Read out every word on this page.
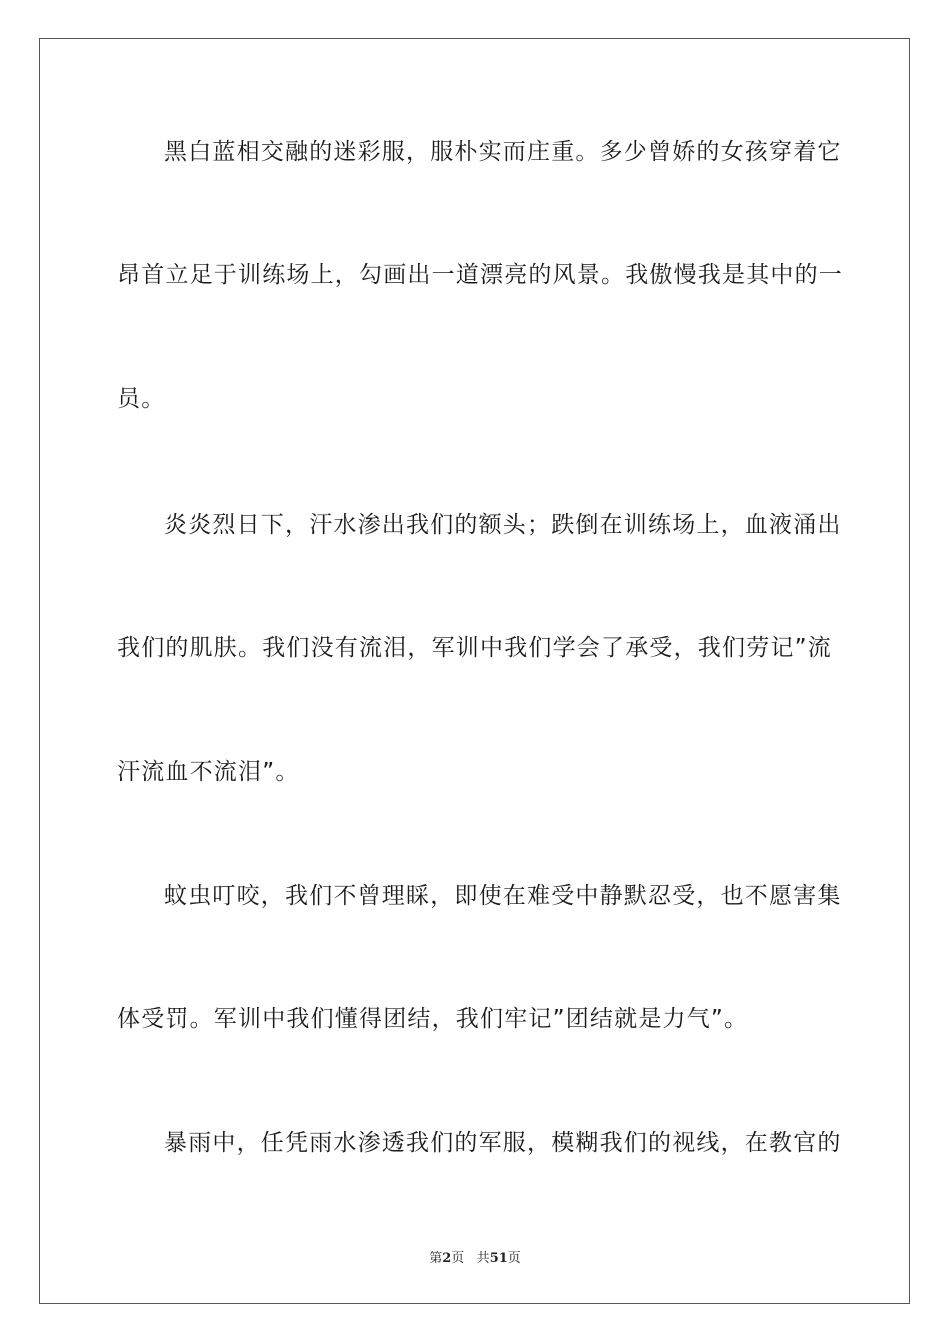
黑白蓝相交融的迷彩服，服朴实而庄重。多少曾娇的女孩穿着它
昂首立足于训练场上，勾画出一道漂亮的风景。我傲慢我是其中的一
员。
炎炎烈日下，汗水渗出我们的额头；跌倒在训练场上，血液涌出
我们的肌肤。我们没有流泪，军训中我们学会了承受，我们劳记”流
汗流血不流泪”。
蚊虫叮咬，我们不曾理睬，即使在难受中静默忍受，也不愿害集
体受罚。军训中我们懂得团结，我们牢记”团结就是力气”。
暴雨中，任凭雨水渗透我们的军服，模糊我们的视线，在教官的
第2页 共51页
